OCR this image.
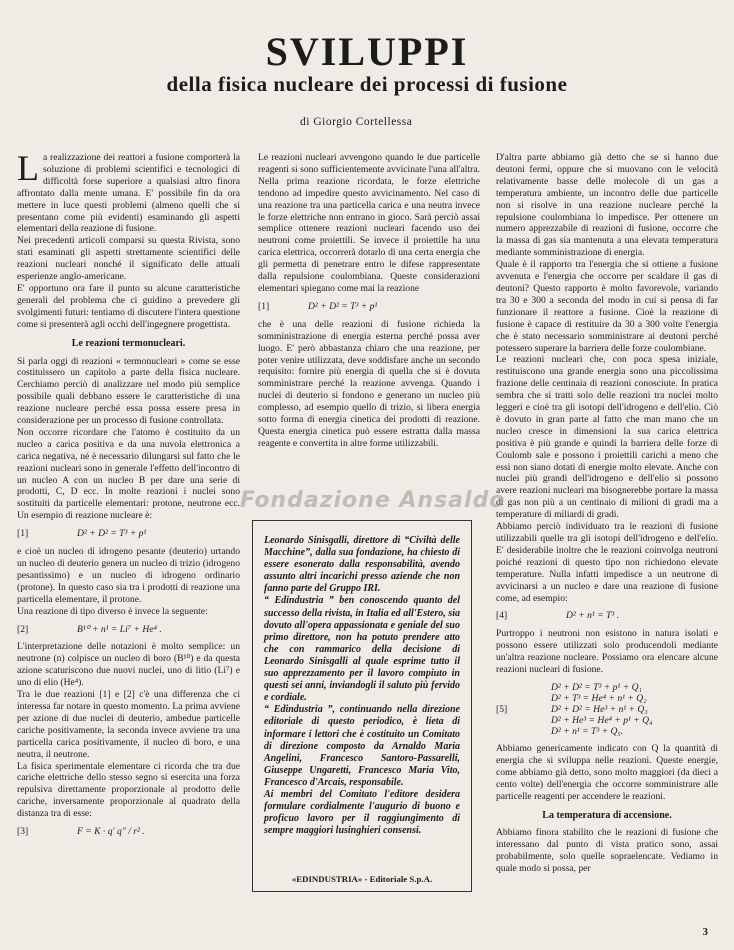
SVILUPPI
della fisica nucleare dei processi di fusione
di Giorgio Cortellessa

La realizzazione dei reattori a fusione comporterà la soluzione di problemi scientifici e tecnologici di difficoltà forse superiore a qualsiasi altro finora affrontato dalla mente umana. E' possibile fin da ora mettere in luce questi problemi (almeno quelli che si presentano come più evidenti) esaminando gli aspetti elementari della reazione di fusione.

Nei precedenti articoli comparsi su questa Rivista, sono stati esaminati gli aspetti strettamente scientifici delle reazioni nucleari nonché il significato delle attuali esperienze anglo-americane.

E' opportuno ora fare il punto su alcune caratteristiche generali del problema che ci guidino a prevedere gli svolgimenti futuri: tentiamo di discutere l'intera questione come si presenterà agli occhi dell'ingegnere progettista.

Le reazioni termonucleari.

Si parla oggi di reazioni « termonucleari » come se esse costituissero un capitolo a parte della fisica nucleare. Cerchiamo perciò di analizzare nel modo più semplice possibile quali debbano essere le caratteristiche di una reazione nucleare perché essa possa essere presa in considerazione per un processo di fusione controllata.

Non occorre ricordare che l'atomo è costituito da un nucleo a carica positiva e da una nuvola elettronica a carica negativa, né è necessario dilungarsi sul fatto che le reazioni nucleari sono in generale l'effetto dell'incontro di un nucleo A con un nucleo B per dare una serie di prodotti, C, D ecc. In molte reazioni i nuclei sono sostituiti da particelle elementari: protone, neutrone ecc. Un esempio di reazione nucleare è:

[1]	D² + D² = T³ + p¹

e cioè un nucleo di idrogeno pesante (deuterio) urtando un nucleo di deuterio genera un nucleo di trizio (idrogeno pesantissimo) e un nucleo di idrogeno ordinario (protone). In questo caso sia tra i prodotti di reazione una particella elementare, il protone.

Una reazione di tipo diverso è invece la seguente:

[2]	B¹⁰ + n¹ = Li⁷ + He⁴ .

L'interpretazione delle notazioni è molto semplice: un neutrone (n) colpisce un nucleo di boro (B¹⁰) e da questa azione scaturiscono due nuovi nuclei, uno di litio (Li⁷) e uno di elio (He⁴).

Tra le due reazioni [1] e [2] c'è una differenza che ci interessa far notare in questo momento. La prima avviene per azione di due nuclei di deuterio, ambedue particelle cariche positivamente, la seconda invece avviene tra una particella carica positivamente, il nucleo di boro, e una neutra, il neutrone.

La fisica sperimentale elementare ci ricorda che tra due cariche elettriche dello stesso segno si esercita una forza repulsiva direttamente proporzionale al prodotto delle cariche, inversamente proporzionale al quadrato della distanza tra di esse:

[3]	F = K · q′ q″ / r² .

Le reazioni nucleari avvengono quando le due particelle reagenti si sono sufficientemente avvicinate l'una all'altra. Nella prima reazione ricordata, le forze elettriche tendono ad impedire questo avvicinamento. Nel caso di una reazione tra una particella carica e una neutra invece le forze elettriche non entrano in gioco. Sarà perciò assai semplice ottenere reazioni nucleari facendo uso dei neutroni come proiettili. Se invece il proiettile ha una carica elettrica, occorrerà dotarlo di una certa energia che gli permetta di penetrare entro le difese rappresentate dalla repulsione coulombiana. Queste considerazioni elementari spiegano come mai la reazione

[1]	D² + D² = T³ + p¹

che è una delle reazioni di fusione richieda la somministrazione di energia esterna perché possa aver luogo. E' però abbastanza chiaro che una reazione, per poter venire utilizzata, deve soddisfare anche un secondo requisito: fornire più energia di quella che si è dovuta somministrare perché la reazione avvenga. Quando i nuclei di deuterio si fondono e generano un nucleo più complesso, ad esempio quello di trizio, si libera energia sotto forma di energia cinetica dei prodotti di reazione. Questa energia cinetica può essere estratta dalla massa reagente e convertita in altre forme utilizzabili.

Leonardo Sinisgalli, direttore di “Civiltà delle Macchine”, dalla sua fondazione, ha chiesto di essere esonerato dalla responsabilità, avendo assunto altri incarichi presso aziende che non fanno parte del Gruppo IRI.

“ Edindustria ” ben conoscendo quanto del successo della rivista, in Italia ed all'Estero, sia dovuto all'opera appassionata e geniale del suo primo direttore, non ha potuto prendere atto che con rammarico della decisione di Leonardo Sinisgalli al quale esprime tutto il suo apprezzamento per il lavoro compiuto in questi sei anni, inviandogli il saluto più fervido e cordiale.

“ Edindustria ”, continuando nella direzione editoriale di questo periodico, è lieta di informare i lettori che è costituito un Comitato di direzione composto da Arnaldo Maria Angelini, Francesco Santoro-Passarelli, Giuseppe Ungaretti, Francesco Maria Vito, Francesco d'Arcais, responsabile.

Ai membri del Comitato l'editore desidera formulare cordialmente l'augurio di buono e proficuo lavoro per il raggiungimento di sempre maggiori lusinghieri consensi.

«EDINDUSTRIA» - Editoriale S.p.A.

D'altra parte abbiamo già detto che se si hanno due deutoni fermi, oppure che si muovano con le velocità relativamente basse delle molecole di un gas a temperatura ambiente, un incontro delle due particelle non si risolve in una reazione nucleare perché la repulsione coulombiana lo impedisce. Per ottenere un numero apprezzabile di reazioni di fusione, occorre che la massa di gas sia mantenuta a una elevata temperatura mediante somministrazione di energia.

Quale è il rapporto tra l'energia che si ottiene a fusione avvenuta e l'energia che occorre per scaldare il gas di deutoni? Questo rapporto è molto favorevole, variando tra 30 e 300 a seconda del modo in cui si pensa di far funzionare il reattore a fusione. Cioè la reazione di fusione è capace di restituire da 30 a 300 volte l'energia che è stato necessario somministrare ai deutoni perché potessero superare la barriera delle forze coulombiane.

Le reazioni nucleari che, con poca spesa iniziale, restituiscono una grande energia sono una piccolissima frazione delle centinaia di reazioni conosciute. In pratica sembra che si tratti solo delle reazioni tra nuclei molto leggeri e cioè tra gli isotopi dell'idrogeno e dell'elio. Ciò è dovuto in gran parte al fatto che man mano che un nucleo cresce in dimensioni la sua carica elettrica positiva è più grande e quindi la barriera delle forze di Coulomb sale e possono i proiettili carichi a meno che essi non siano dotati di energie molto elevate. Anche con nuclei più grandi dell'idrogeno e dell'elio si possono avere reazioni nucleari ma bisognerebbe portare la massa di gas non più a un centinaio di milioni di gradi ma a temperature di miliardi di gradi.

Abbiamo perciò individuato tra le reazioni di fusione utilizzabili quelle tra gli isotopi dell'idrogeno e dell'elio. E' desiderabile inoltre che le reazioni coinvolga neutroni poiché reazioni di questo tipo non richiedono elevate temperature. Nulla infatti impedisce a un neutrone di avvicinarsi a un nucleo e dare una reazione di fusione come, ad esempio:

[4]	D² + n¹ = T³ .

Purtroppo i neutroni non esistono in natura isolati e possono essere utilizzati solo producendoli mediante un'altra reazione nucleare. Possiamo ora elencare alcune reazioni nucleari di fusione.

[5]
D² + D² = T³ + p¹ + Q₁
D² + T³ = He⁴ + n¹ + Q₂
D² + D² = He³ + n¹ + Q₃
D² + He³ = He⁴ + p¹ + Q₄
D² + n¹ = T³ + Q₅.

Abbiamo genericamente indicato con Q la quantità di energia che si sviluppa nelle reazioni. Queste energie, come abbiamo già detto, sono molto maggiori (da dieci a cento volte) dell'energia che occorre somministrare alle particelle reagenti per accendere le reazioni.

La temperatura di accensione.

Abbiamo finora stabilito che le reazioni di fusione che interessano dal punto di vista pratico sono, assai probabilmente, solo quelle sopraelencate. Vediamo in quale modo si possa, per

Fondazione Ansaldo
3
